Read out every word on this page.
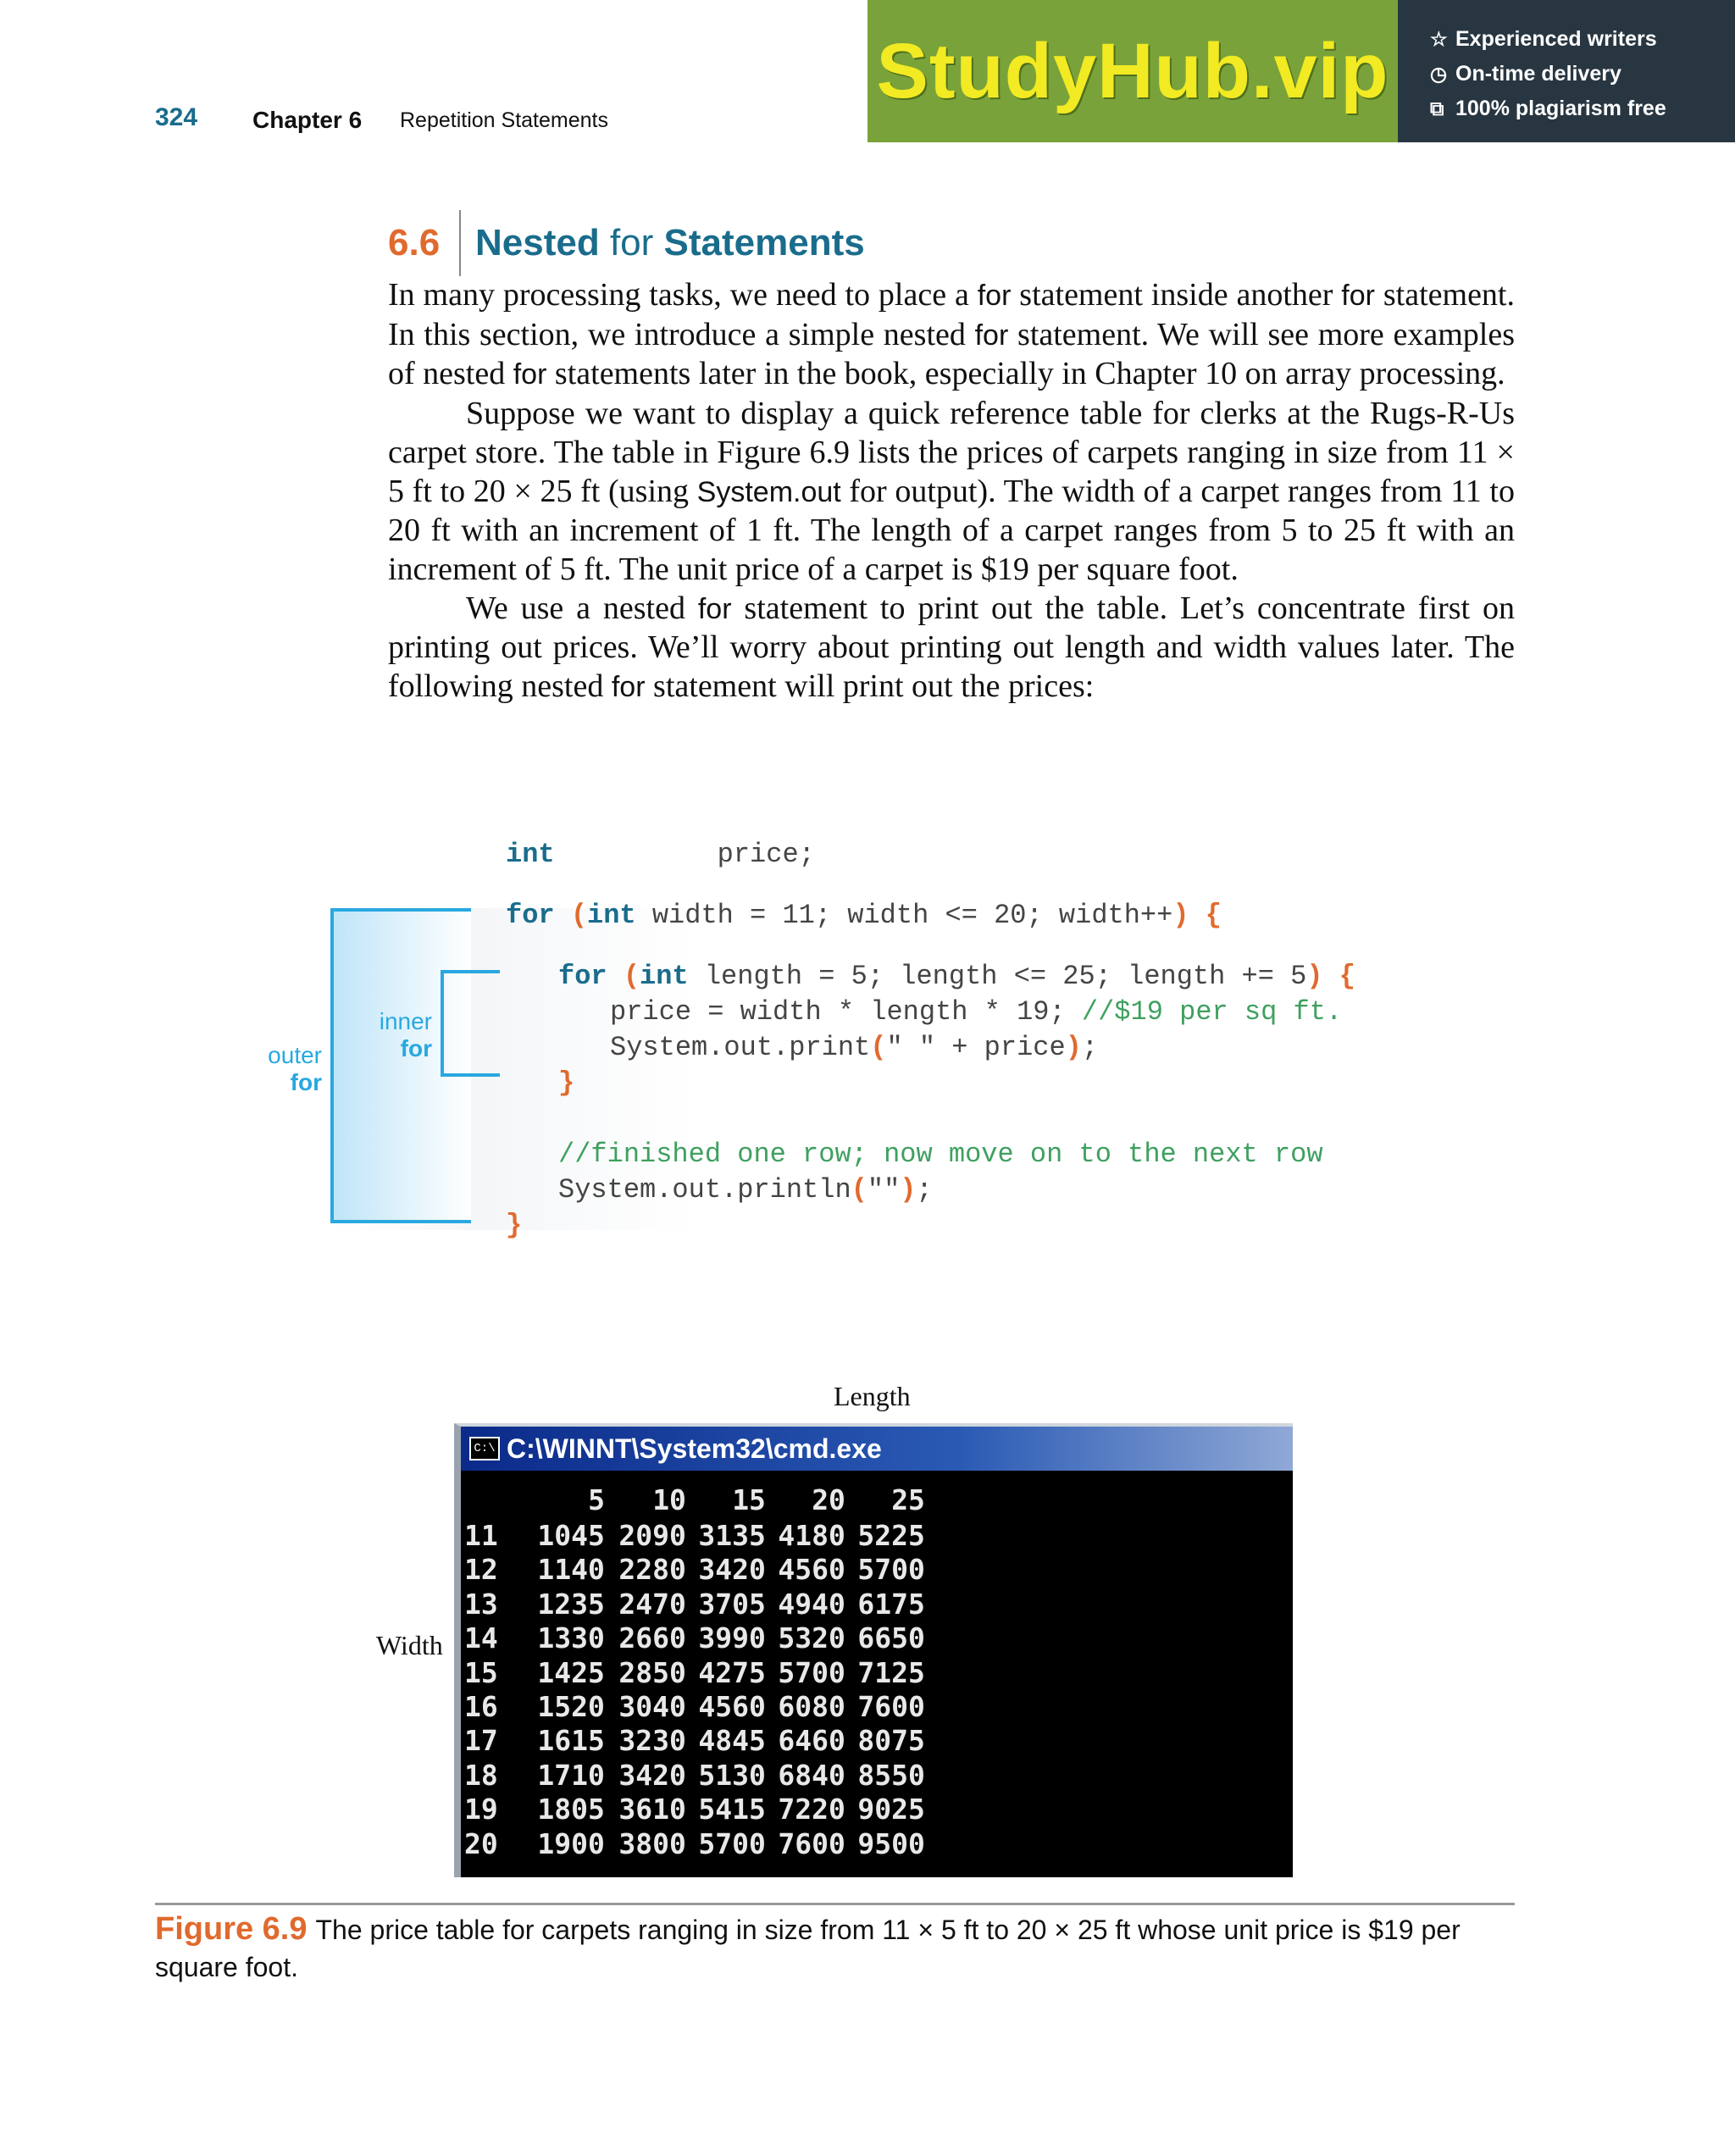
324 Chapter 6 Repetition Statements
StudyHub.vip ☆ Experienced writers
◷ On-time delivery
⧉ 100% plagiarism free
6.6 Nested for Statements

In many processing tasks, we need to place a for statement inside another for statement. In this section, we introduce a simple nested for statement. We will see more examples of nested for statements later in the book, especially in Chapter 10 on array processing.

Suppose we want to display a quick reference table for clerks at the Rugs-R-Us carpet store. The table in Figure 6.9 lists the prices of carpets ranging in size from 11 × 5 ft to 20 × 25 ft (using System.out for output). The width of a carpet ranges from 11 to 20 ft with an increment of 1 ft. The length of a carpet ranges from 5 to 25 ft with an increment of 5 ft. The unit price of a carpet is $19 per square foot.

We use a nested for statement to print out the table. Let’s concentrate first on printing out prices. We’ll worry about printing out length and width values later. The following nested for statement will print out the prices:

outer
for
inner
for
int          price;
for (int width = 11; width <= 20; width++) {
for (int length = 5; length <= 25; length += 5) {
price = width * length * 19; //$19 per sq ft.
System.out.print(" " + price);
}
//finished one row; now move on to the next row
System.out.println("");
}
Length
Width
C:\ C:\WINNT\System32\cmd.exe
5 10 15 20 25
11 1045 2090 3135 4180 5225
12 1140 2280 3420 4560 5700
13 1235 2470 3705 4940 6175
14 1330 2660 3990 5320 6650
15 1425 2850 4275 5700 7125
16 1520 3040 4560 6080 7600
17 1615 3230 4845 6460 8075
18 1710 3420 5130 6840 8550
19 1805 3610 5415 7220 9025
20 1900 3800 5700 7600 9500
Figure 6.9 The price table for carpets ranging in size from 11 × 5 ft to 20 × 25 ft whose unit price is $19 per square foot.
